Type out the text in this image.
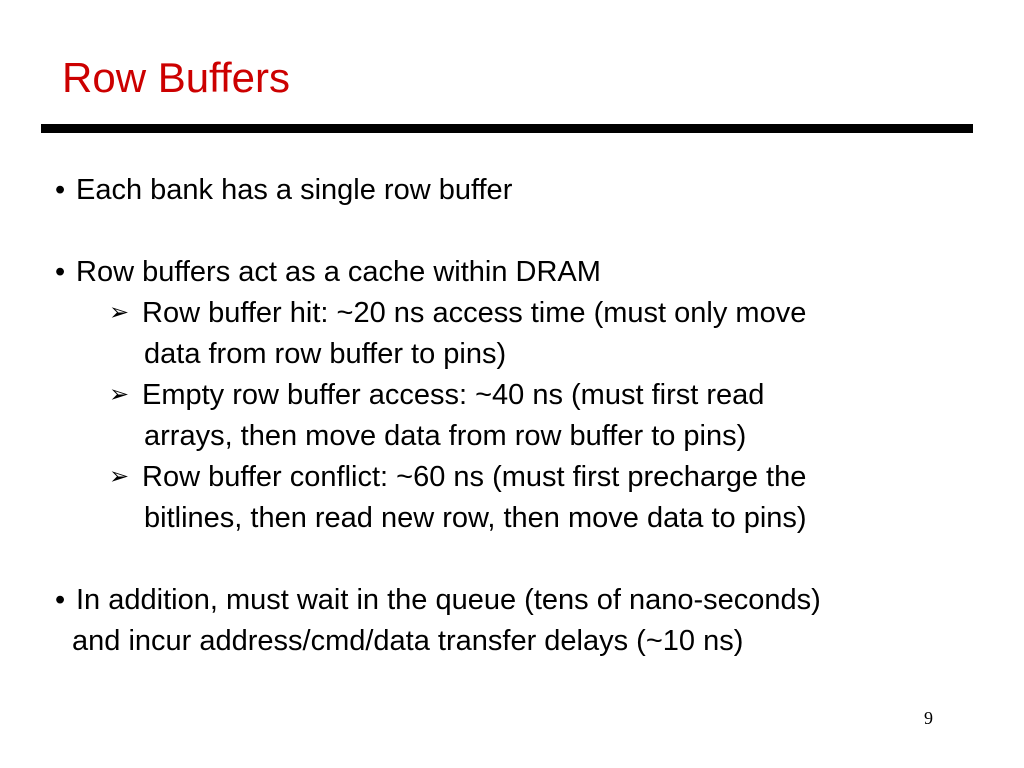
Row Buffers
• Each bank has a single row buffer
• Row buffers act as a cache within DRAM
➢ Row buffer hit: ~20 ns access time (must only move
data from row buffer to pins)
➢ Empty row buffer access: ~40 ns (must first read
arrays, then move data from row buffer to pins)
➢ Row buffer conflict: ~60 ns (must first precharge the
bitlines, then read new row, then move data to pins)
• In addition, must wait in the queue (tens of nano-seconds)
and incur address/cmd/data transfer delays (~10 ns)
9
